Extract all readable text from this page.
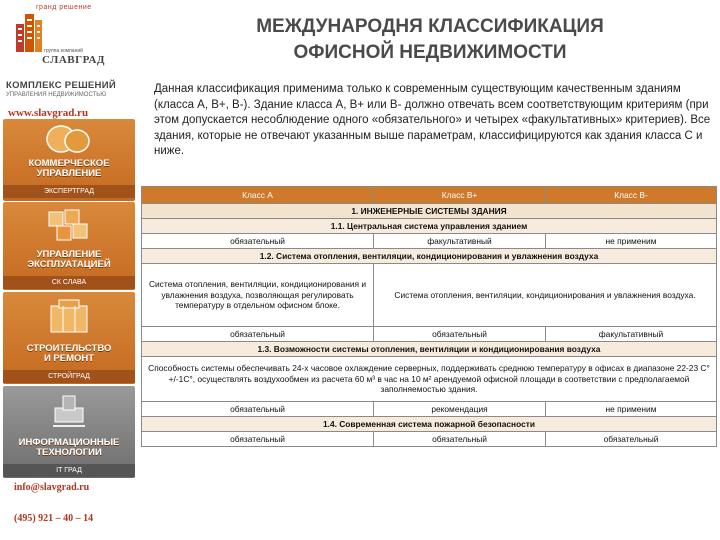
гранд решение
группа компаний
СЛАВГРАД
КОМПЛЕКС РЕШЕНИЙ
УПРАВЛЕНИЯ НЕДВИЖИМОСТЬЮ
www.slavgrad.ru
КОММЕРЧЕСКОЕ
УПРАВЛЕНИЕ
ЭКСПЕРТГРАД
УПРАВЛЕНИЕ
ЭКСПЛУАТАЦИЕЙ
СК СЛАВА
СТРОИТЕЛЬСТВО
И РЕМОНТ
СТРОЙГРАД
ИНФОРМАЦИОННЫЕ
ТЕХНОЛОГИИ
IT ГРАД
info@slavgrad.ru
(495) 921 – 40 – 14
МЕЖДУНАРОДНЯ КЛАССИФИКАЦИЯ
ОФИСНОЙ НЕДВИЖИМОСТИ
Данная классификация применима только к современным существующим качественным зданиям (класса А, В+, В-). Здание класса А, В+ или В- должно отвечать всем соответствующим критериям (при этом допускается несоблюдение одного «обязательного» и четырех «факультативных» критериев). Все здания, которые не отвечают указанным выше параметрам, классифицируются как здания класса С и ниже.
Класс А	Класс В+	Класс В-
1. ИНЖЕНЕРНЫЕ СИСТЕМЫ ЗДАНИЯ		
1.1. Центральная система управления зданием		
обязательный	факультативный	не применим
1.2. Система отопления, вентиляции, кондиционирования и увлажнения воздуха		
Система отопления, вентиляции, кондиционирования и увлажнения воздуха, позволяющая регулировать температуру в отдельном офисном блоке.	Система отопления, вентиляции, кондиционирования и увлажнения воздуха.	
обязательный	обязательный	факультативный
1.3. Возможности системы отопления, вентиляции и кондиционирования воздуха		
Способность системы обеспечивать 24-х часовое охлаждение серверных, поддерживать среднюю температуру в офисах в диапазоне 22-23 С° +/-1С°, осуществлять воздухообмен из расчета 60 м³ в час на 10 м² арендуемой офисной площади в соответствии с предполагаемой заполняемостью здания.		
обязательный	рекомендация	не применим
1.4. Современная система пожарной безопасности		
обязательный	обязательный	обязательный
